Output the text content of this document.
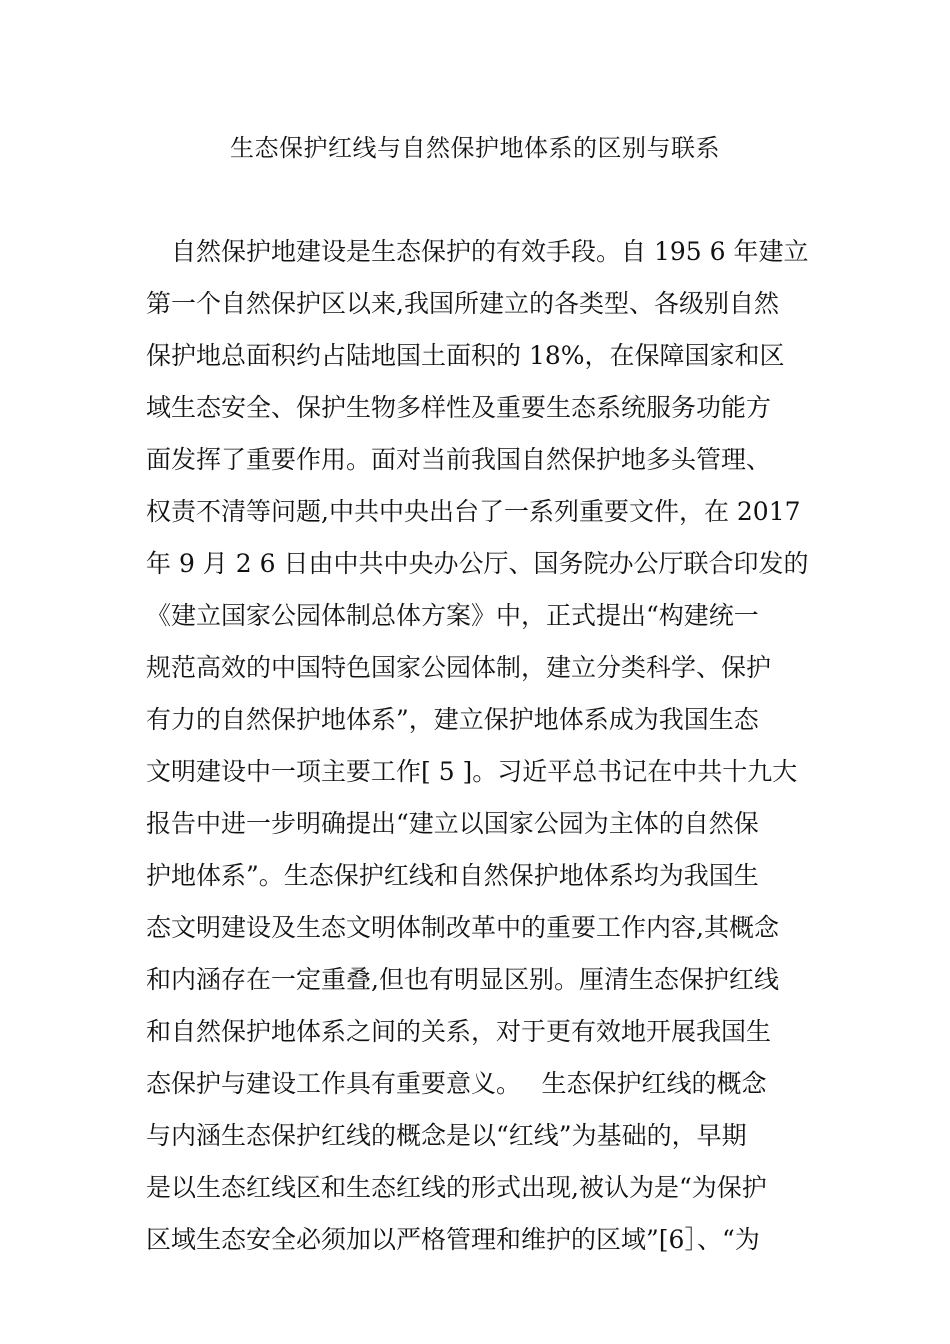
生态保护红线与自然保护地体系的区别与联系
　自然保护地建设是生态保护的有效手段。自 195 6 年建立
第一个自然保护区以来,我国所建立的各类型、各级别自然
保护地总面积约占陆地国土面积的 18%，在保障国家和区
域生态安全、保护生物多样性及重要生态系统服务功能方
面发挥了重要作用。面对当前我国自然保护地多头管理、
权责不清等问题,中共中央出台了一系列重要文件，在 2017
年 9 月 2 6 日由中共中央办公厅、国务院办公厅联合印发的
《建立国家公园体制总体方案》中，正式提出“构建统一
规范高效的中国特色国家公园体制，建立分类科学、保护
有力的自然保护地体系”，建立保护地体系成为我国生态
文明建设中一项主要工作[ 5 ]。习近平总书记在中共十九大
报告中进一步明确提出“建立以国家公园为主体的自然保
护地体系”。生态保护红线和自然保护地体系均为我国生
态文明建设及生态文明体制改革中的重要工作内容,其概念
和内涵存在一定重叠,但也有明显区别。厘清生态保护红线
和自然保护地体系之间的关系，对于更有效地开展我国生
态保护与建设工作具有重要意义。　 生态保护红线的概念
与内涵生态保护红线的概念是以“红线”为基础的，早期
是以生态红线区和生态红线的形式出现,被认为是“为保护
区域生态安全必须加以严格管理和维护的区域”[6］、“为
